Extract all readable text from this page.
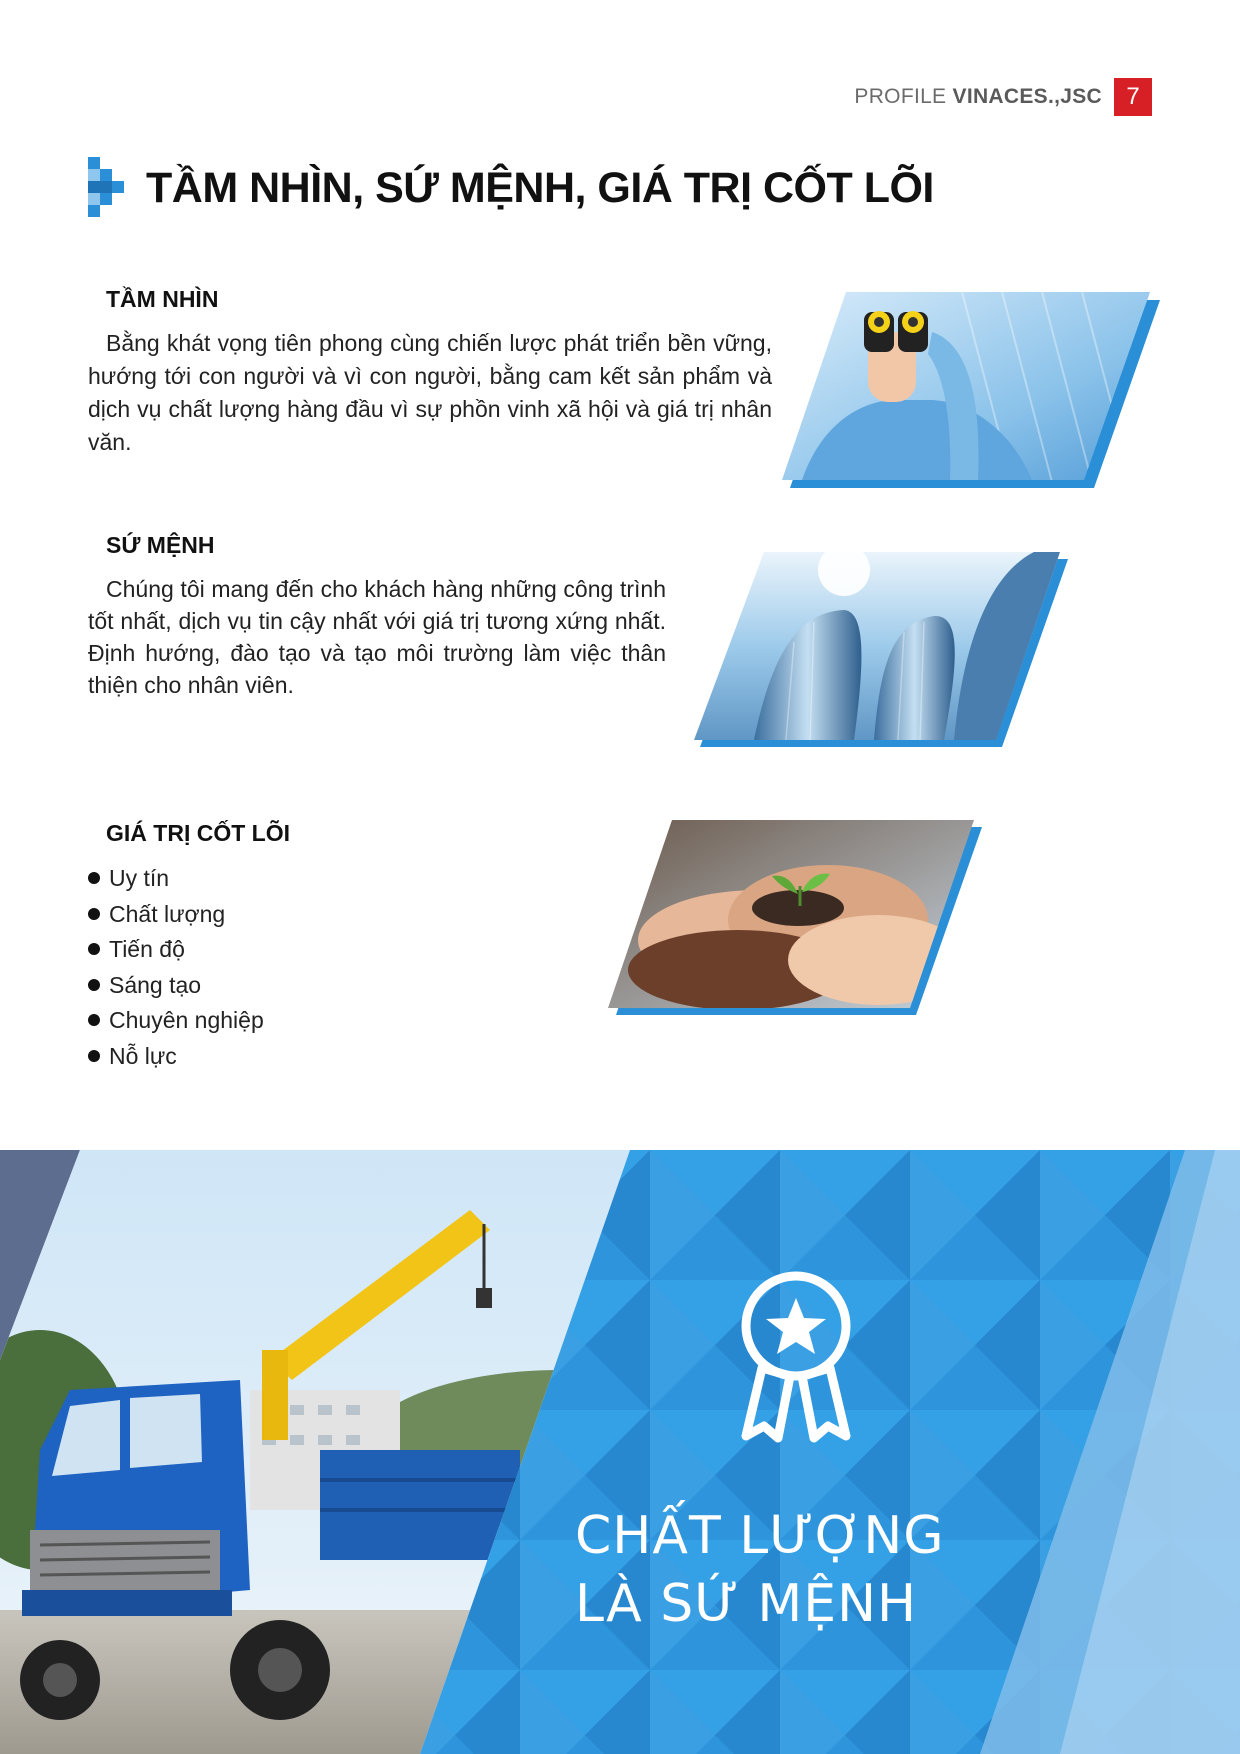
PROFILE VINACES.,JSC	7
TẦM NHÌN, SỨ MỆNH, GIÁ TRỊ CỐT LÕI
TẦM NHÌN

Bằng khát vọng tiên phong cùng chiến lược phát triển bền vững, hướng tới con người và vì con người, bằng cam kết sản phẩm và dịch vụ chất lượng hàng đầu vì sự phồn vinh xã hội và giá trị nhân văn.

SỨ MỆNH

Chúng tôi mang đến cho khách hàng những công trình tốt nhất, dịch vụ tin cậy nhất với giá trị tương xứng nhất. Định hướng, đào tạo và tạo môi trường làm việc thân thiện cho nhân viên.

GIÁ TRỊ CỐT LÕI
Uy tín
Chất lượng
Tiến độ
Sáng tạo
Chuyên nghiệp
Nỗ lực
CHẤT LƯỢNG
LÀ SỨ MỆNH
